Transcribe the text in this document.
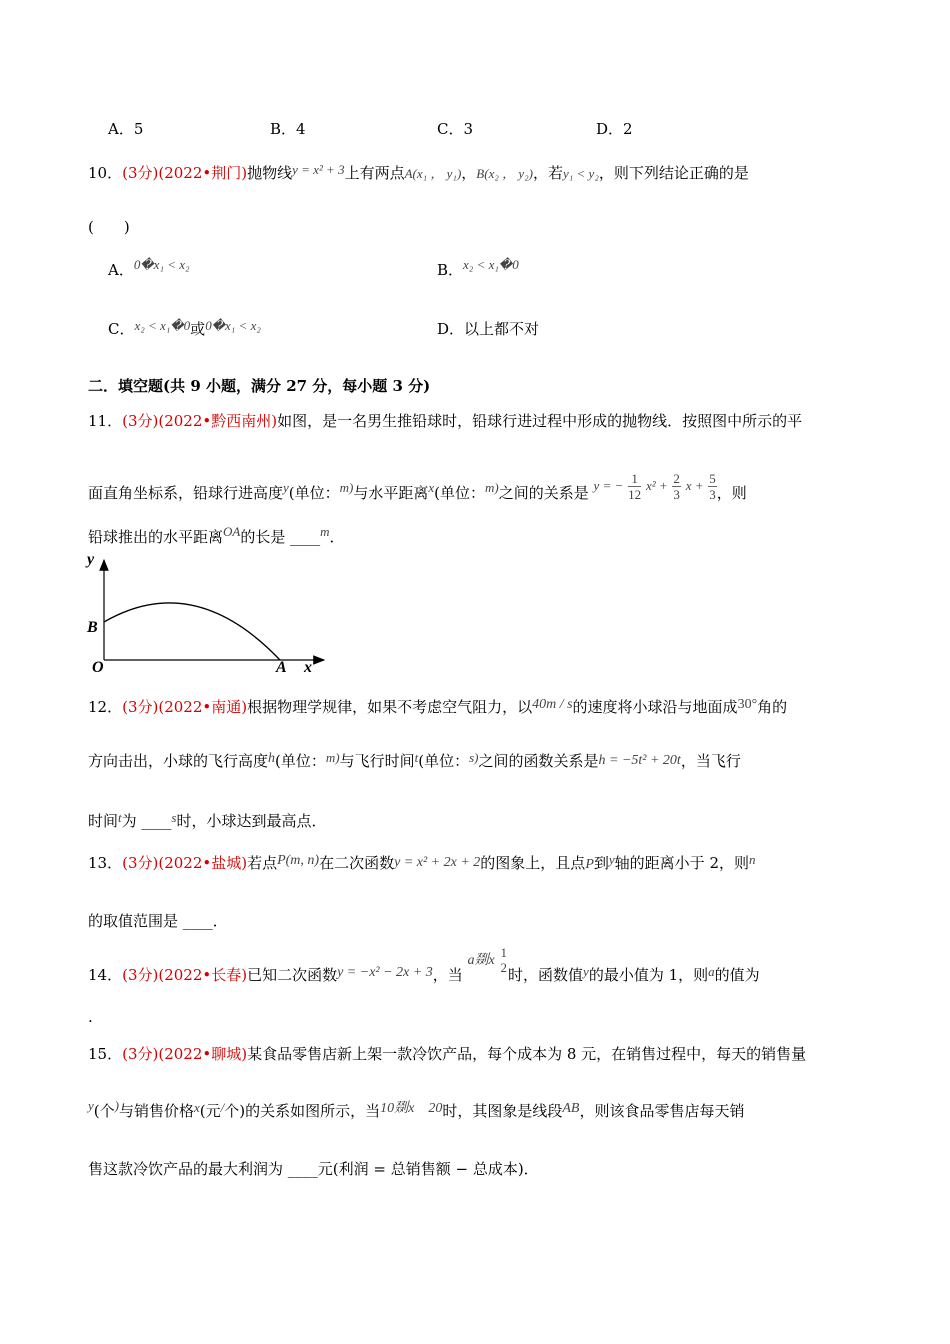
A．5	B．4	C．3	D．2
10．(3分)(2022•荆门)抛物线y = x² + 3上有两点A(x₁ ， y₁)，B(x₂ ， y₂)，若y₁ < y₂，则下列结论正确的是
(　　)
A．0�x₁ < x₂	B．x₂ < x₁�0
C．x₂ < x₁�0或0�x₁ < x₂	D．以上都不对
二．填空题(共 9 小题，满分 27 分，每小题 3 分)
11．(3分)(2022•黔西南州)如图，是一名男生推铅球时，铅球行进过程中形成的抛物线．按照图中所示的平
面直角坐标系，铅球行进高度y(单位：m)与水平距离x(单位：m)之间的关系是 y = − $\frac{1}{12} x^2 + \frac{2}{3}$ $x + \frac{5}{3}$ ，则
铅球推出的水平距离OA的长是 ____m．
y
B
O	A x
12．(3分)(2022•南通)根据物理学规律，如果不考虑空气阻力，以40m / s的速度将小球沿与地面成30°角的
方向击出，小球的飞行高度h(单位：m)与飞行时间t(单位：s)之间的函数关系是h = −5t² + 20t，当飞行
时间t为 ____s时，小球达到最高点．
13．(3分)(2022•盐城)若点P(m, n)在二次函数y = x² + 2x + 2的图象上，且点P到y轴的距离小于 2，则n
的取值范围是 ____．
14．(3分)(2022•长春)已知二次函数y = −x² − 2x + 3，当 a剟x
1
2 时，函数值y的最小值为 1，则a的值为
.
15．(3分)(2022•聊城)某食品零售店新上架一款冷饮产品，每个成本为 8 元，在销售过程中，每天的销售量
y(个)与销售价格x(元/个)的关系如图所示，当10剟x　20时，其图象是线段AB，则该食品零售店每天销
售这款冷饮产品的最大利润为 ____元(利润 = 总销售额 − 总成本)．
